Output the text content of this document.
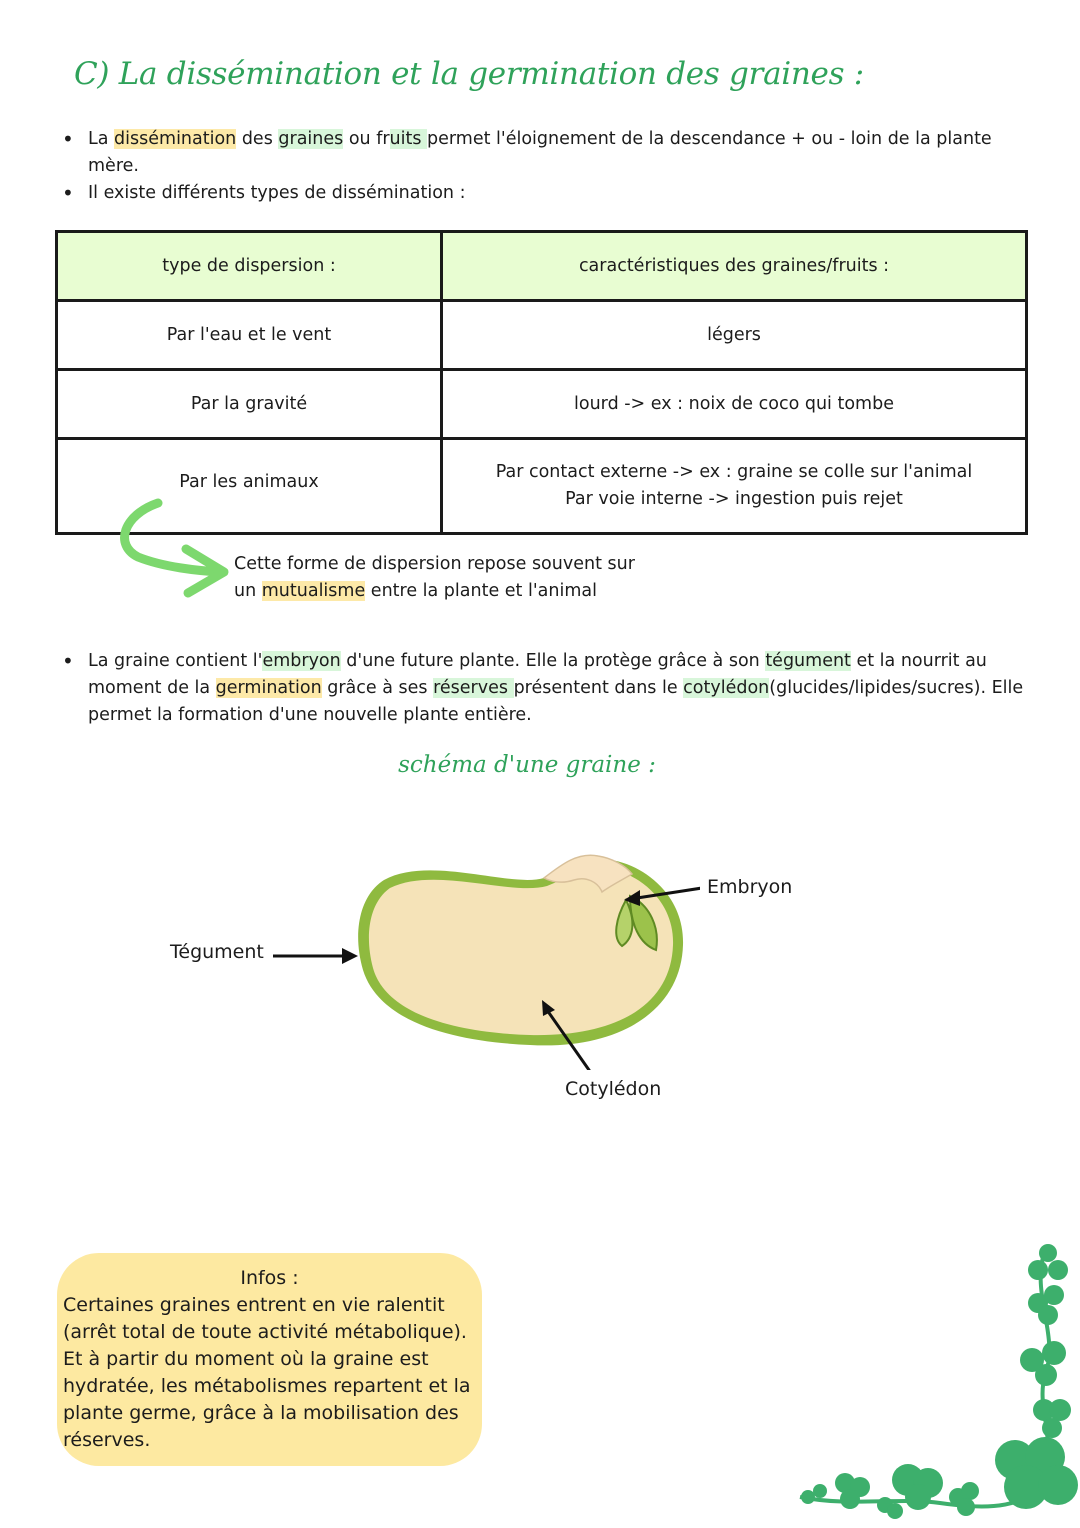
C) La dissémination et la germination des graines :
• La dissémination des graines ou fruits permet l'éloignement de la descendance + ou - loin de la plante mère.
• Il existe différents types de dissémination :
type de dispersion :	caractéristiques des graines/fruits :
Par l'eau et le vent	légers
Par la gravité	lourd -> ex : noix de coco qui tombe
Par les animaux	Par contact externe -> ex : graine se colle sur l'animal
Par voie interne -> ingestion puis rejet
Cette forme de dispersion repose souvent sur
un mutualisme entre la plante et l'animal
• La graine contient l'embryon d'une future plante. Elle la protège grâce à son tégument et la nourrit au moment de la germination grâce à ses réserves présentent dans le cotylédon(glucides/lipides/sucres). Elle permet la formation d'une nouvelle plante entière.
schéma d'une graine :
Embryon
Tégument
Cotylédon
Infos :
Certaines graines entrent en vie ralentit (arrêt total de toute activité métabolique). Et à partir du moment où la graine est hydratée, les métabolismes repartent et la plante germe, grâce à la mobilisation des réserves.
